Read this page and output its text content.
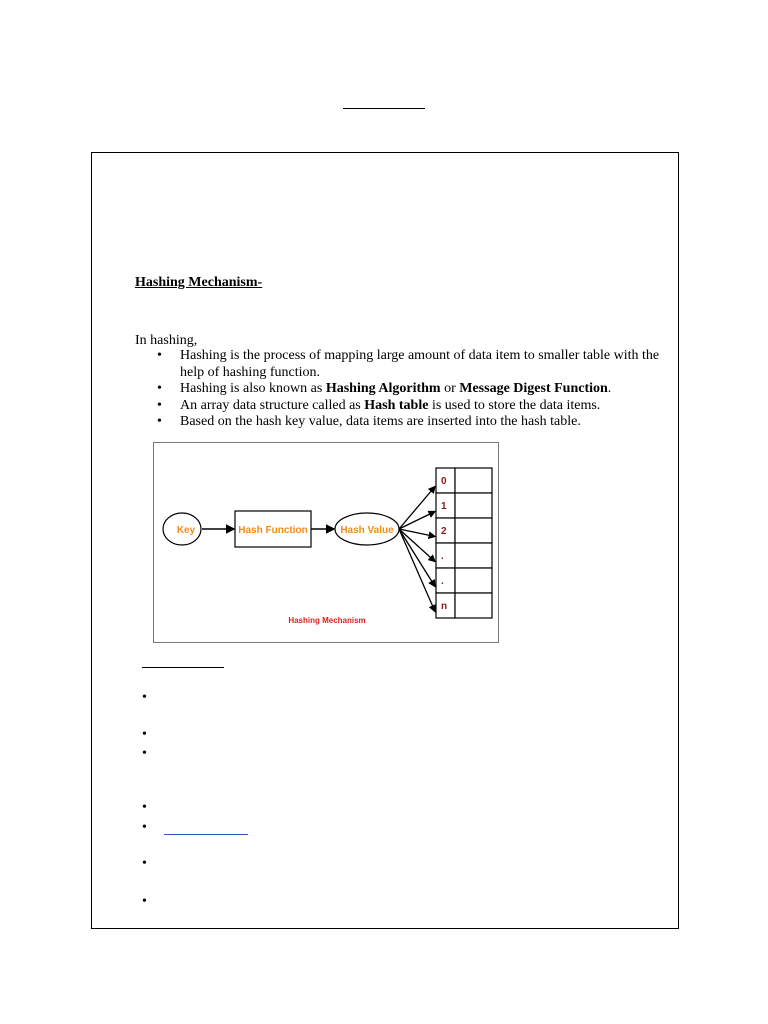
Hashing Mechanism-
In hashing,
• Hashing is the process of mapping large amount of data item to smaller table with the help of hashing function.
• Hashing is also known as Hashing Algorithm or Message Digest Function.
• An array data structure called as Hash table is used to store the data items.
• Based on the hash key value, data items are inserted into the hash table.
Key	Hash Function	Hash Value
0
1
2
.
.
n
Hashing Mechanism
•
•
•
•
•
•
•
